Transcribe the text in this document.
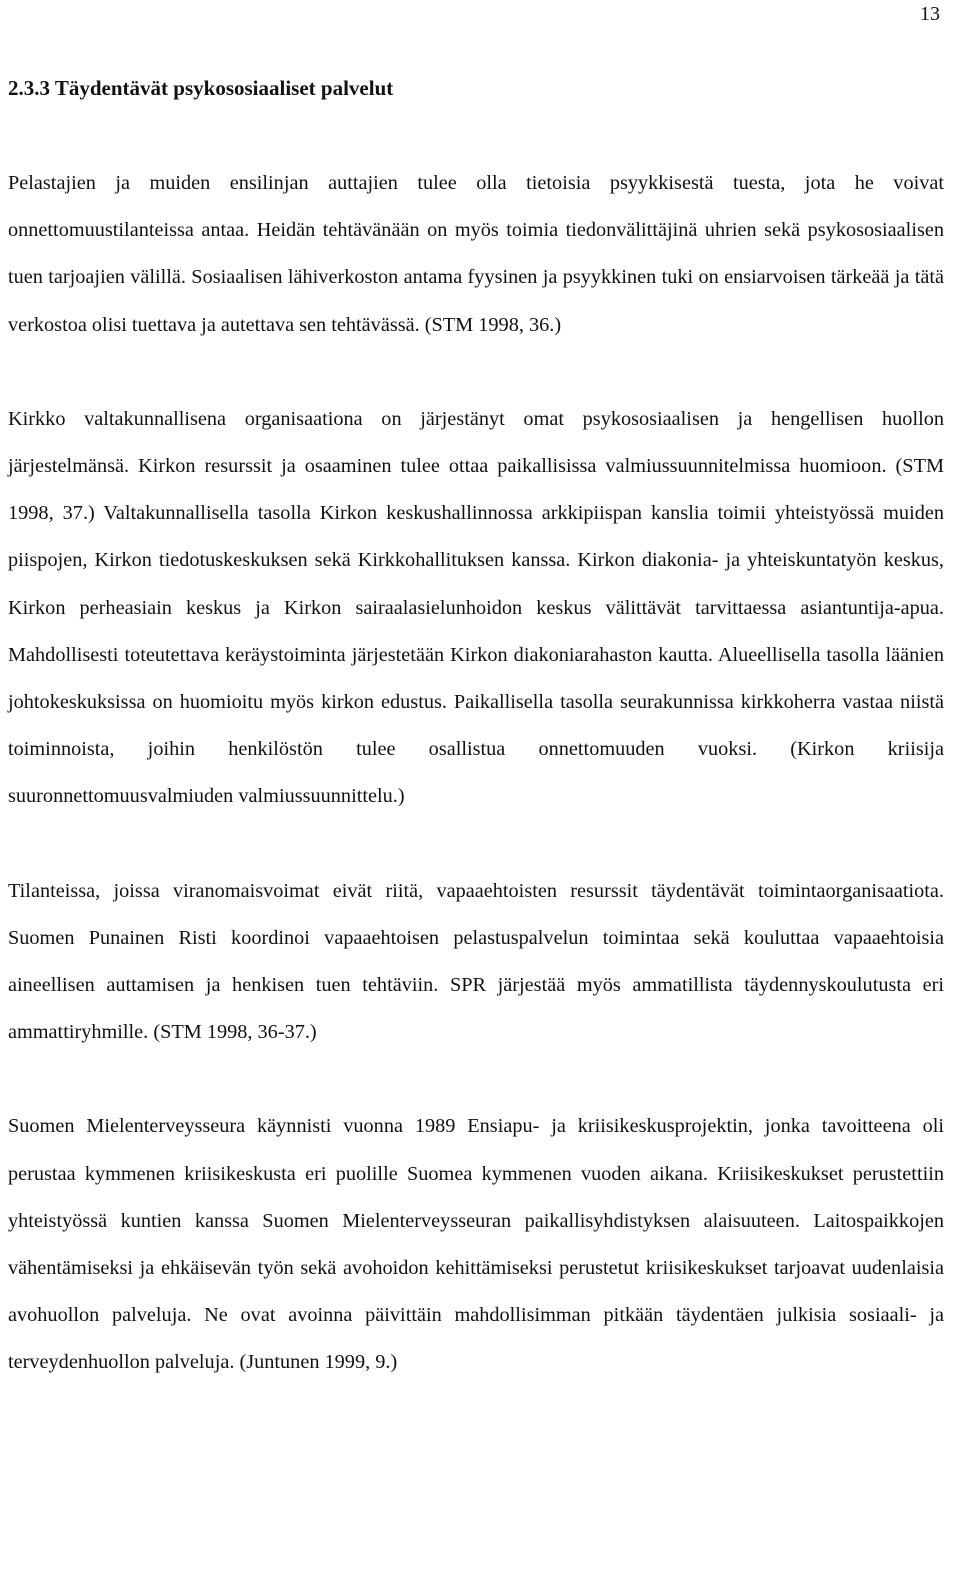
13
2.3.3 Täydentävät psykososiaaliset palvelut

Pelastajien ja muiden ensilinjan auttajien tulee olla tietoisia psyykkisestä tuesta, jota he voivat onnettomuustilanteissa antaa. Heidän tehtävänään on myös toimia tiedonvälittäjinä uhrien sekä psykososiaalisen tuen tarjoajien välillä. Sosiaalisen lähiverkoston antama fyysinen ja psyykkinen tuki on ensiarvoisen tärkeää ja tätä verkostoa olisi tuettava ja autettava sen tehtävässä. (STM 1998, 36.)

Kirkko valtakunnallisena organisaationa on järjestänyt omat psykososiaalisen ja hengellisen huollon järjestelmänsä. Kirkon resurssit ja osaaminen tulee ottaa paikallisissa valmiussuunnitelmissa huomioon. (STM 1998, 37.) Valtakunnallisella tasolla Kirkon keskushallinnossa arkkipiispan kanslia toimii yhteistyössä muiden piispojen, Kirkon tiedotuskeskuksen sekä Kirkkohallituksen kanssa. Kirkon diakonia- ja yhteiskuntatyön keskus, Kirkon perheasiain keskus ja Kirkon sairaalasielunhoidon keskus välittävät tarvittaessa asiantuntija-apua. Mahdollisesti toteutettava keräystoiminta järjestetään Kirkon diakoniarahaston kautta. Alueellisella tasolla läänien johtokeskuksissa on huomioitu myös kirkon edustus. Paikallisella tasolla seurakunnissa kirkkoherra vastaa niistä toiminnoista, joihin henkilöstön tulee osallistua onnettomuuden vuoksi. (Kirkon kriisija suuronnettomuusvalmiuden valmiussuunnittelu.)

Tilanteissa, joissa viranomaisvoimat eivät riitä, vapaaehtoisten resurssit täydentävät toimintaorganisaatiota. Suomen Punainen Risti koordinoi vapaaehtoisen pelastuspalvelun toimintaa sekä kouluttaa vapaaehtoisia aineellisen auttamisen ja henkisen tuen tehtäviin. SPR järjestää myös ammatillista täydennyskoulutusta eri ammattiryhmille. (STM 1998, 36-37.)

Suomen Mielenterveysseura käynnisti vuonna 1989 Ensiapu- ja kriisikeskusprojektin, jonka tavoitteena oli perustaa kymmenen kriisikeskusta eri puolille Suomea kymmenen vuoden aikana. Kriisikeskukset perustettiin yhteistyössä kuntien kanssa Suomen Mielenterveysseuran paikallisyhdistyksen alaisuuteen. Laitospaikkojen vähentämiseksi ja ehkäisevän työn sekä avohoidon kehittämiseksi perustetut kriisikeskukset tarjoavat uudenlaisia avohuollon palveluja. Ne ovat avoinna päivittäin mahdollisimman pitkään täydentäen julkisia sosiaali- ja terveydenhuollon palveluja. (Juntunen 1999, 9.)
